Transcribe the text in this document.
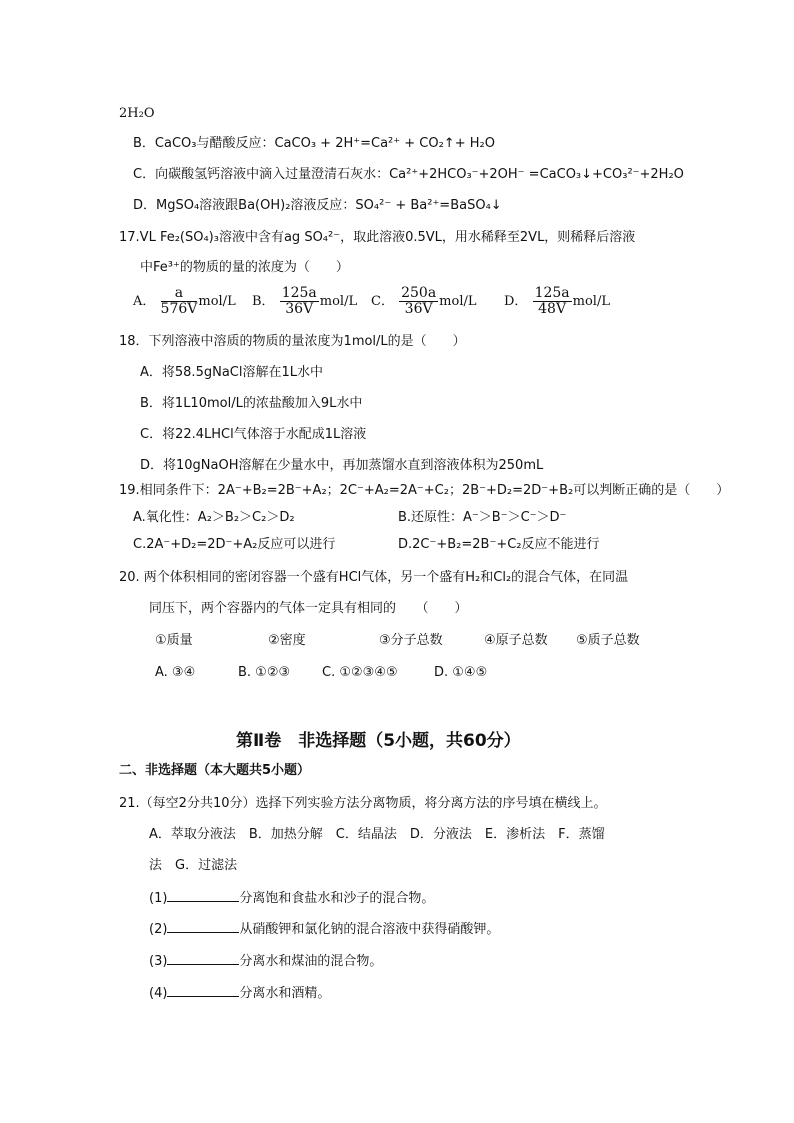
2H₂O
B．CaCO₃与醋酸反应：CaCO₃ + 2H⁺=Ca²⁺ + CO₂↑+ H₂O
C．向碳酸氢钙溶液中滴入过量澄清石灰水：Ca²⁺+2HCO₃⁻+2OH⁻ =CaCO₃↓+CO₃²⁻+2H₂O
D．MgSO₄溶液跟Ba(OH)₂溶液反应：SO₄²⁻ + Ba²⁺=BaSO₄↓
17.VL Fe₂(SO₄)₃溶液中含有ag SO₄²⁻，取此溶液0.5VL，用水稀释至2VL，则稀释后溶液
中Fe³⁺的物质的量的浓度为（　　）
A． $\frac{a}{576V} mol/L$ B． $\frac{125a}{36V} mol/L$ C． $\frac{250a}{36V} mol/L$ D． $\frac{125a}{48V} mol/L$
18．下列溶液中溶质的物质的量浓度为1mol/L的是（　　）
A．将58.5gNaCl溶解在1L水中
B．将1L10mol/L的浓盐酸加入9L水中
C．将22.4LHCl气体溶于水配成1L溶液
D．将10gNaOH溶解在少量水中，再加蒸馏水直到溶液体积为250mL
19.相同条件下：2A⁻+B₂=2B⁻+A₂；2C⁻+A₂=2A⁻+C₂；2B⁻+D₂=2D⁻+B₂可以判断正确的是（　　）
A.氧化性：A₂＞B₂＞C₂＞D₂	B.还原性：A⁻＞B⁻＞C⁻＞D⁻
C.2A⁻+D₂=2D⁻+A₂反应可以进行	D.2C⁻+B₂=2B⁻+C₂反应不能进行
20. 两个体积相同的密闭容器一个盛有HCl气体，另一个盛有H₂和Cl₂的混合气体，在同温
同压下，两个容器内的气体一定具有相同的　　（　　）
①质量	②密度	③分子总数	④原子总数 ⑤质子总数
A. ③④	B. ①②③ C. ①②③④⑤	D. ①④⑤
第Ⅱ卷　非选择题（5小题，共60分）
二、非选择题（本大题共5小题）
21.（每空2分共10分）选择下列实验方法分离物质，将分离方法的序号填在横线上。
A．萃取分液法　B．加热分解　C．结晶法　D．分液法　E．渗析法　F．蒸馏
法　G．过滤法
(1)	分离饱和食盐水和沙子的混合物。
(2)	从硝酸钾和氯化钠的混合溶液中获得硝酸钾。
(3)	分离水和煤油的混合物。
(4)	分离水和酒精。
